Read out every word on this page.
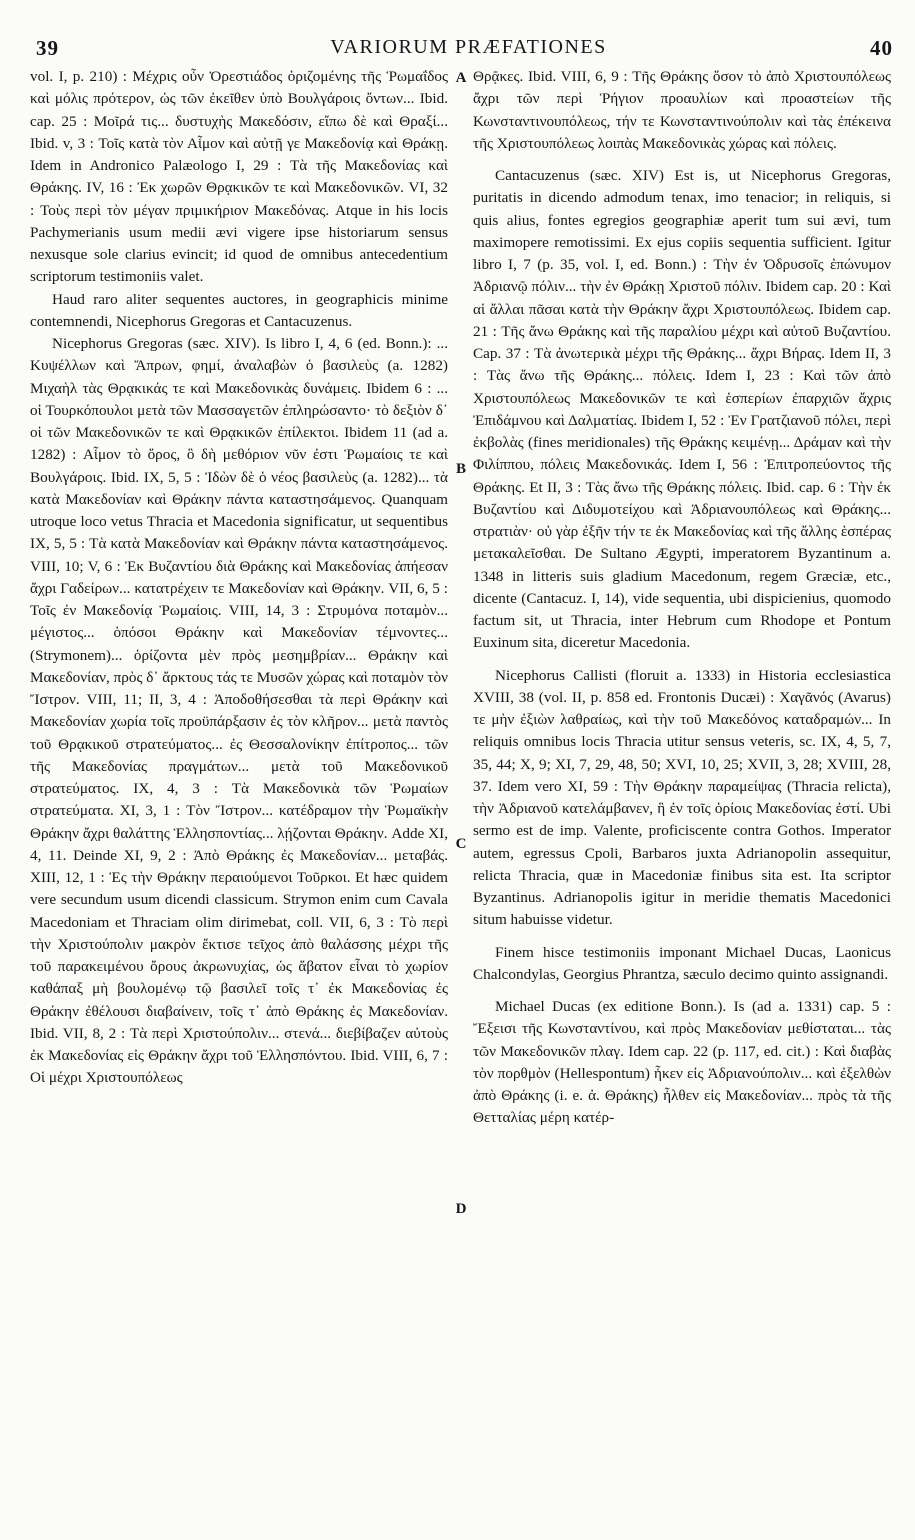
39	VARIORUM PRÆFATIONES	40

vol. I, p. 210) : Μέχρις οὖν Ὀρεστιάδος ὁριζομένης τῆς Ῥωμαΐδος καὶ μόλις πρότερον, ὡς τῶν ἐκεῖθεν ὑπὸ Βουλγάροις ὄντων... Ibid. cap. 25 : Μοῖρά τις... δυστυχὴς Μακεδόσιν, εἴπω δὲ καὶ Θραξί... Ibid. v, 3 : Τοῖς κατὰ τὸν Αἷμον καὶ αὐτῇ γε Μακεδονίᾳ καὶ Θράκῃ. Idem in Andronico Palæologo I, 29 : Τὰ τῆς Μακεδονίας καὶ Θράκης. IV, 16 : Ἐκ χωρῶν Θρᾳκικῶν τε καὶ Μακεδονικῶν. VI, 32 : Τοὺς περὶ τὸν μέγαν πριμικήριον Μακεδόνας. Atque in his locis Pachymerianis usum medii ævi vigere ipse historiarum sensus nexusque sole clarius evincit; id quod de omnibus antecedentium scriptorum testimoniis valet.

Haud raro aliter sequentes auctores, in geographicis minime contemnendi, Nicephorus Gregoras et Cantacuzenus.

Nicephorus Gregoras (sæc. XIV). Is libro I, 4, 6 (ed. Bonn.): ... Κυψέλλων καὶ Ἄπρων, φημί, ἀναλαβὼν ὁ βασιλεὺς (a. 1282) Μιχαὴλ τὰς Θρᾳκικάς τε καὶ Μακεδονικὰς δυνάμεις. Ibidem 6 : ... οἱ Τουρκόπουλοι μετὰ τῶν Μασσαγετῶν ἐπληρώσαντο· τὸ δεξιὸν δ᾽ οἱ τῶν Μακεδονικῶν τε καὶ Θρᾳκικῶν ἐπίλεκτοι. Ibidem 11 (ad a. 1282) : Αἷμον τὸ ὄρος, ὃ δὴ μεθόριον νῦν ἐστι Ῥωμαίοις τε καὶ Βουλγάροις. Ibid. IX, 5, 5 : Ἰδὼν δὲ ὁ νέος βασιλεὺς (a. 1282)... τὰ κατὰ Μακεδονίαν καὶ Θράκην πάντα καταστησάμενος. Quanquam utroque loco vetus Thracia et Macedonia significatur, ut sequentibus IX, 5, 5 : Τὰ κατὰ Μακεδονίαν καὶ Θράκην πάντα καταστησάμενος. VIII, 10; V, 6 : Ἐκ Βυζαντίου διὰ Θράκης καὶ Μακεδονίας ἀπήεσαν ἄχρι Γαδείρων... κατατρέχειν τε Μακεδονίαν καὶ Θράκην. VII, 6, 5 : Τοῖς ἐν Μακεδονίᾳ Ῥωμαίοις. VIII, 14, 3 : Στρυμόνα ποταμὸν... μέγιστος... ὁπόσοι Θράκην καὶ Μακεδονίαν τέμνοντες... (Strymonem)... ὁρίζοντα μὲν πρὸς μεσημβρίαν... Θράκην καὶ Μακεδονίαν, πρὸς δ᾽ ἄρκτους τάς τε Μυσῶν χώρας καὶ ποταμὸν τὸν Ἴστρον. VIII, 11; II, 3, 4 : Ἀποδοθήσεσθαι τὰ περὶ Θράκην καὶ Μακεδονίαν χωρία τοῖς προϋπάρξασιν ἐς τὸν κλῆρον... μετὰ παντὸς τοῦ Θρᾳκικοῦ στρατεύματος... ἐς Θεσσαλονίκην ἐπίτροπος... τῶν τῆς Μακεδονίας πραγμάτων... μετὰ τοῦ Μακεδονικοῦ στρατεύματος. IX, 4, 3 : Τὰ Μακεδονικὰ τῶν Ῥωμαίων στρατεύματα. XI, 3, 1 : Τὸν Ἴστρον... κατέδραμον τὴν Ῥωμαϊκὴν Θράκην ἄχρι θαλάττης Ἑλλησποντίας... λῄζονται Θράκην. Adde XI, 4, 11. Deinde XI, 9, 2 : Ἀπὸ Θράκης ἐς Μακεδονίαν... μεταβάς. XIII, 12, 1 : Ἐς τὴν Θράκην περαιούμενοι Τοῦρκοι. Et hæc quidem vere secundum usum dicendi classicum. Strymon enim cum Cavala Macedoniam et Thraciam olim dirimebat, coll. VII, 6, 3 : Τὸ περὶ τὴν Χριστούπολιν μακρὸν ἔκτισε τεῖχος ἀπὸ θαλάσσης μέχρι τῆς τοῦ παρακειμένου ὄρους ἀκρωνυχίας, ὡς ἄβατον εἶναι τὸ χωρίον καθάπαξ μὴ βουλομένῳ τῷ βασιλεῖ τοῖς τ᾽ ἐκ Μακεδονίας ἐς Θράκην ἐθέλουσι διαβαίνειν, τοῖς τ᾽ ἀπὸ Θράκης ἐς Μακεδονίαν. Ibid. VII, 8, 2 : Τὰ περὶ Χριστούπολιν... στενά... διεβίβαζεν αὐτοὺς ἐκ Μακεδονίας εἰς Θράκην ἄχρι τοῦ Ἑλλησπόντου. Ibid. VIII, 6, 7 : Οἱ μέχρι Χριστουπόλεως

A
B
C
D

Θρᾷκες. Ibid. VIII, 6, 9 : Τῆς Θράκης ὅσον τὸ ἀπὸ Χριστουπόλεως ἄχρι τῶν περὶ Ῥήγιον προαυλίων καὶ προαστείων τῆς Κωνσταντινουπόλεως, τήν τε Κωνσταντινούπολιν καὶ τὰς ἐπέκεινα τῆς Χριστουπόλεως λοιπὰς Μακεδονικὰς χώρας καὶ πόλεις.

Cantacuzenus (sæc. XIV) Est is, ut Nicephorus Gregoras, puritatis in dicendo admodum tenax, imo tenacior; in reliquis, si quis alius, fontes egregios geographiæ aperit tum sui ævi, tum maximopere remotissimi. Ex ejus copiis sequentia sufficient. Igitur libro I, 7 (p. 35, vol. I, ed. Bonn.) : Τὴν ἐν Ὀδρυσοῖς ἐπώνυμον Ἀδριανῷ πόλιν... τὴν ἐν Θράκῃ Χριστοῦ πόλιν. Ibidem cap. 20 : Καὶ αἱ ἄλλαι πᾶσαι κατὰ τὴν Θράκην ἄχρι Χριστουπόλεως. Ibidem cap. 21 : Τῆς ἄνω Θράκης καὶ τῆς παραλίου μέχρι καὶ αὐτοῦ Βυζαντίου. Cap. 37 : Τὰ ἀνωτερικὰ μέχρι τῆς Θράκης... ἄχρι Βήρας. Idem II, 3 : Τὰς ἄνω τῆς Θράκης... πόλεις. Idem I, 23 : Καὶ τῶν ἀπὸ Χριστουπόλεως Μακεδονικῶν τε καὶ ἑσπερίων ἐπαρχιῶν ἄχρις Ἐπιδάμνου καὶ Δαλματίας. Ibidem I, 52 : Ἐν Γρατζιανοῦ πόλει, περὶ ἐκβολὰς (fines meridionales) τῆς Θράκης κειμένῃ... Δράμαν καὶ τὴν Φιλίππου, πόλεις Μακεδονικάς. Idem I, 56 : Ἐπιτροπεύοντος τῆς Θράκης. Et II, 3 : Τὰς ἄνω τῆς Θράκης πόλεις. Ibid. cap. 6 : Τὴν ἐκ Βυζαντίου καὶ Διδυμοτείχου καὶ Ἀδριανουπόλεως καὶ Θράκης... στρατιὰν· οὐ γὰρ ἐξῆν τήν τε ἐκ Μακεδονίας καὶ τῆς ἄλλης ἑσπέρας μετακαλεῖσθαι. De Sultano Ægypti, imperatorem Byzantinum a. 1348 in litteris suis gladium Macedonum, regem Græciæ, etc., dicente (Cantacuz. I, 14), vide sequentia, ubi dispicienius, quomodo factum sit, ut Thracia, inter Hebrum cum Rhodope et Pontum Euxinum sita, diceretur Macedonia.

Nicephorus Callisti (floruit a. 1333) in Historia ecclesiastica XVIII, 38 (vol. II, p. 858 ed. Frontonis Ducæi) : Χαγᾶνός (Avarus) τε μὴν ἐξιὼν λαθραίως, καὶ τὴν τοῦ Μακεδόνος καταδραμών... In reliquis omnibus locis Thracia utitur sensus veteris, sc. IX, 4, 5, 7, 35, 44; X, 9; XI, 7, 29, 48, 50; XVI, 10, 25; XVII, 3, 28; XVIII, 28, 37. Idem vero XI, 59 : Τὴν Θράκην παραμείψας (Thracia relicta), τὴν Ἀδριανοῦ κατελάμβανεν, ἣ ἐν τοῖς ὁρίοις Μακεδονίας ἐστί. Ubi sermo est de imp. Valente, proficiscente contra Gothos. Imperator autem, egressus Cpoli, Barbaros juxta Adrianopolin assequitur, relicta Thracia, quæ in Macedoniæ finibus sita est. Ita scriptor Byzantinus. Adrianopolis igitur in meridie thematis Macedonici situm habuisse videtur.

Finem hisce testimoniis imponant Michael Ducas, Laonicus Chalcondylas, Georgius Phrantza, sæculo decimo quinto assignandi.

Michael Ducas (ex editione Bonn.). Is (ad a. 1331) cap. 5 : Ἔξεισι τῆς Κωνσταντίνου, καὶ πρὸς Μακεδονίαν μεθίσταται... τὰς τῶν Μακεδονικῶν πλαγ. Idem cap. 22 (p. 117, ed. cit.) : Καὶ διαβὰς τὸν πορθμὸν (Hellespontum) ἧκεν εἰς Ἀδριανούπολιν... καὶ ἐξελθὼν ἀπὸ Θράκης (i. e. ἀ. Θράκης) ἦλθεν εἰς Μακεδονίαν... πρὸς τὰ τῆς Θετταλίας μέρη κατέρ-
